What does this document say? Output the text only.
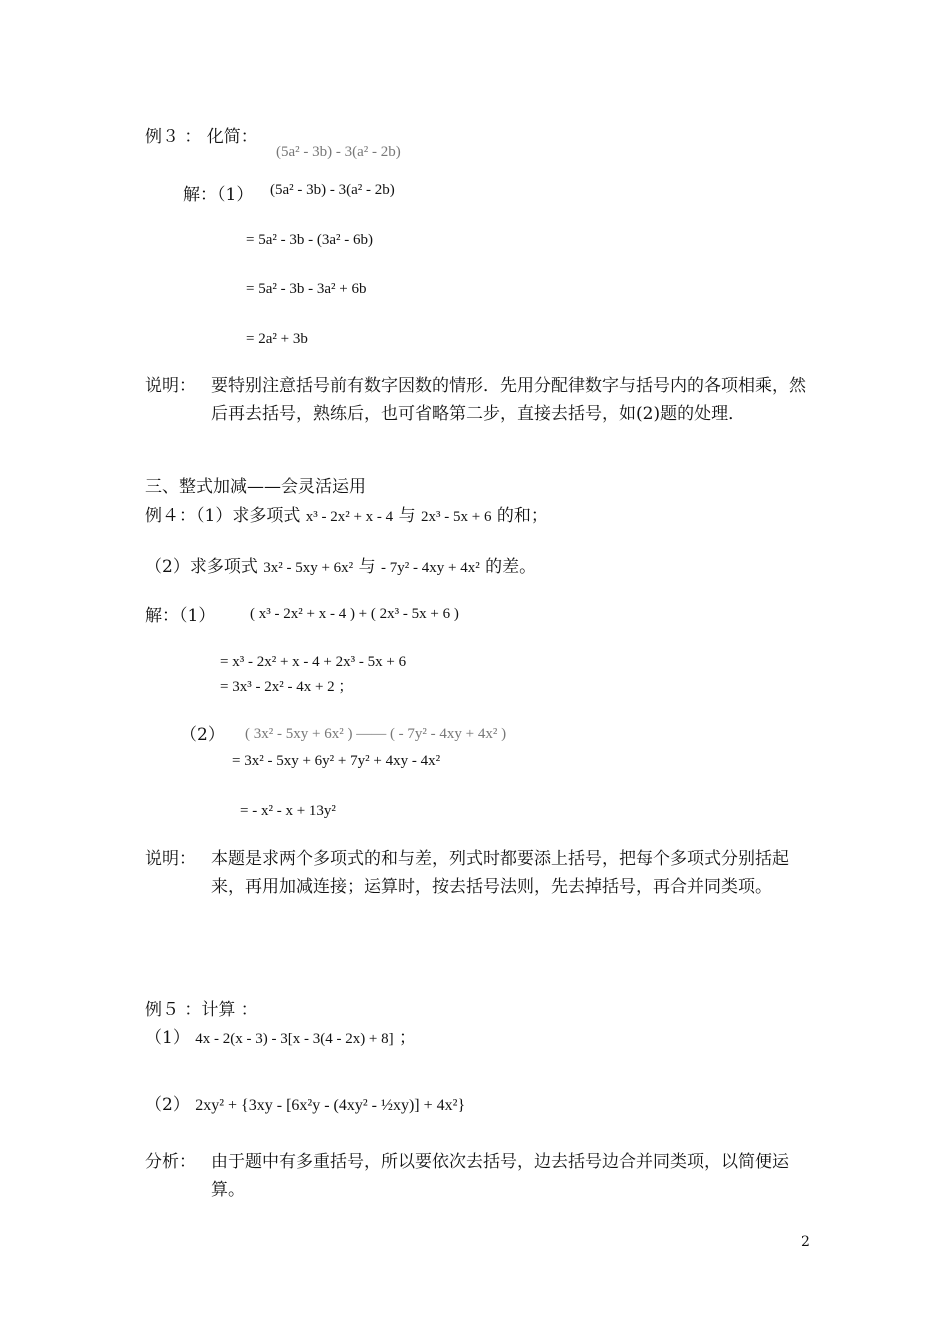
例３ ： 化简：
(5a² - 3b) - 3(a² - 2b)
解：（1） (5a² - 3b) - 3(a² - 2b)
= 5a² - 3b - (3a² - 6b)
= 5a² - 3b - 3a² + 6b
= 2a² + 3b
说明： 要特别注意括号前有数字因数的情形．先用分配律数字与括号内的各项相乘，然后再去括号，熟练后，也可省略第二步，直接去括号，如(2)题的处理．
三、整式加减——会灵活运用
例４：（1）求多项式 x³ - 2x² + x - 4 与 2x³ - 5x + 6 的和；
（2）求多项式 3x² - 5xy + 6x² 与 - 7y² - 4xy + 4x² 的差。
解：（1） ( x³ - 2x² + x - 4 ) + ( 2x³ - 5x + 6 )
= x³ - 2x² + x - 4 + 2x³ - 5x + 6
= 3x³ - 2x² - 4x + 2 ；
（2） ( 3x² - 5xy + 6x² ) —— ( - 7y² - 4xy + 4x² )
= 3x² - 5xy + 6y² + 7y² + 4xy - 4x²
= - x² - x + 13y²
说明： 本题是求两个多项式的和与差，列式时都要添上括号，把每个多项式分别括起来，再用加减连接；运算时，按去括号法则，先去掉括号，再合并同类项。
例５ ：计算 ：
（1） 4x - 2(x - 3) - 3[x - 3(4 - 2x) + 8] ；
（2） 2xy² + {3xy - [6x²y - (4xy² - ½xy)] + 4x²}
分析： 由于题中有多重括号，所以要依次去括号，边去括号边合并同类项，以简便运算。
2
